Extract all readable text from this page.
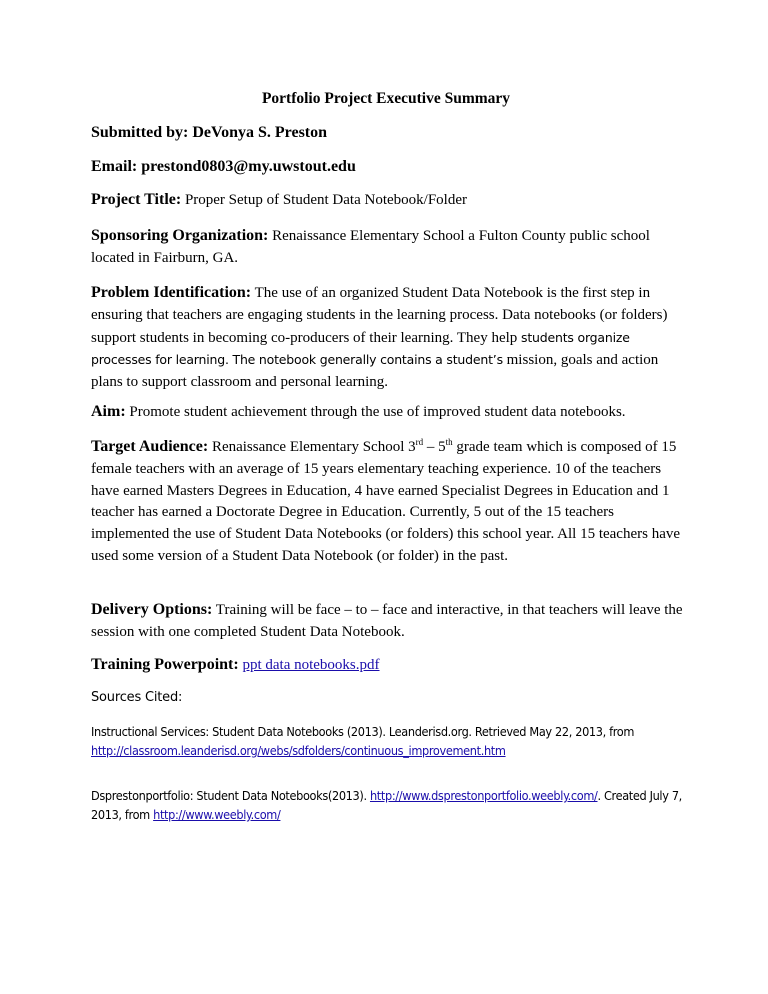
Portfolio Project Executive Summary
Submitted by: DeVonya S. Preston
Email: prestond0803@my.uwstout.edu
Project Title: Proper Setup of Student Data Notebook/Folder
Sponsoring Organization: Renaissance Elementary School a Fulton County public school located in Fairburn, GA.
Problem Identification: The use of an organized Student Data Notebook is the first step in ensuring that teachers are engaging students in the learning process. Data notebooks (or folders) support students in becoming co-producers of their learning. They help students organize processes for learning. The notebook generally contains a student’s mission, goals and action plans to support classroom and personal learning.
Aim: Promote student achievement through the use of improved student data notebooks.
Target Audience: Renaissance Elementary School 3rd – 5th grade team which is composed of 15 female teachers with an average of 15 years elementary teaching experience. 10 of the teachers have earned Masters Degrees in Education, 4 have earned Specialist Degrees in Education and 1 teacher has earned a Doctorate Degree in Education. Currently, 5 out of the 15 teachers implemented the use of Student Data Notebooks (or folders) this school year. All 15 teachers have used some version of a Student Data Notebook (or folder) in the past.
Delivery Options: Training will be face – to – face and interactive, in that teachers will leave the session with one completed Student Data Notebook.
Training Powerpoint: ppt data notebooks.pdf
Sources Cited:
Instructional Services: Student Data Notebooks (2013). Leanderisd.org. Retrieved May 22, 2013, from http://classroom.leanderisd.org/webs/sdfolders/continuous_improvement.htm
Dsprestonportfolio: Student Data Notebooks(2013). http://www.dsprestonportfolio.weebly.com/. Created July 7, 2013, from http://www.weebly.com/
